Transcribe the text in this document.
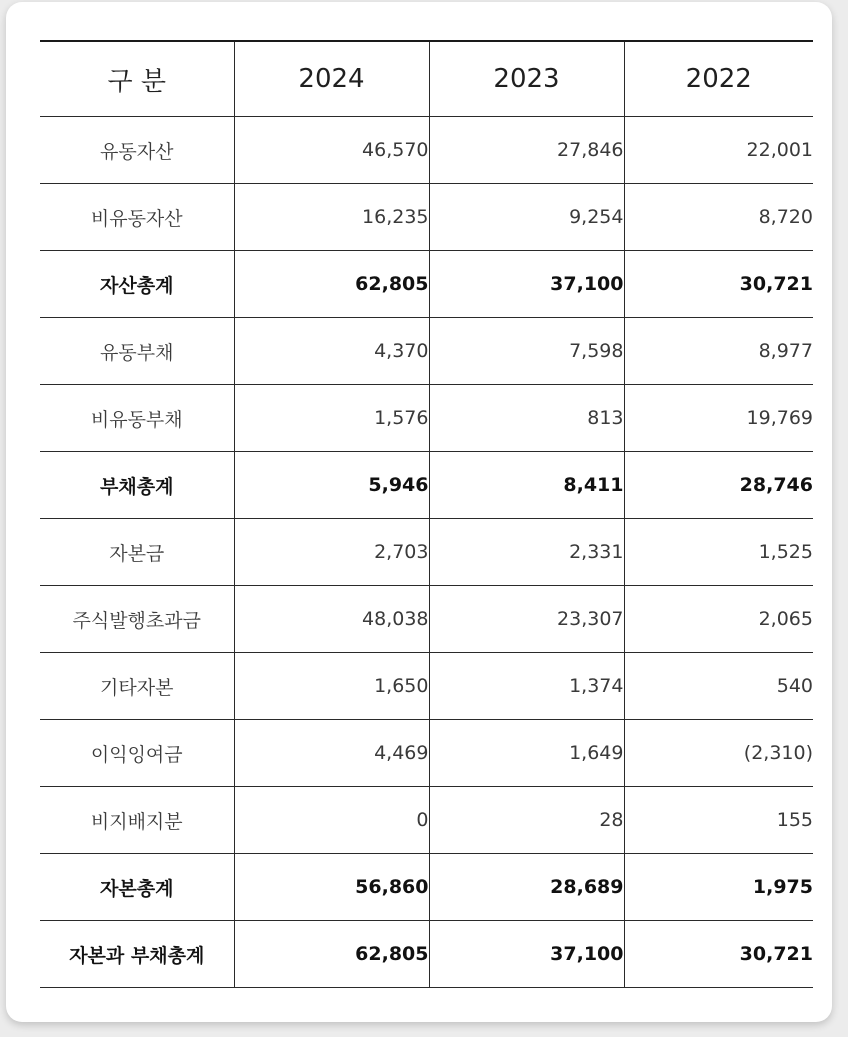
구 분	2024	2023	2022
유동자산	46,570	27,846	22,001
비유동자산	16,235	9,254	8,720
자산총계	62,805	37,100	30,721
유동부채	4,370	7,598	8,977
비유동부채	1,576	813	19,769
부채총계	5,946	8,411	28,746
자본금	2,703	2,331	1,525
주식발행초과금	48,038	23,307	2,065
기타자본	1,650	1,374	540
이익잉여금	4,469	1,649	(2,310)
비지배지분	0	28	155
자본총계	56,860	28,689	1,975
자본과 부채총계	62,805	37,100	30,721
